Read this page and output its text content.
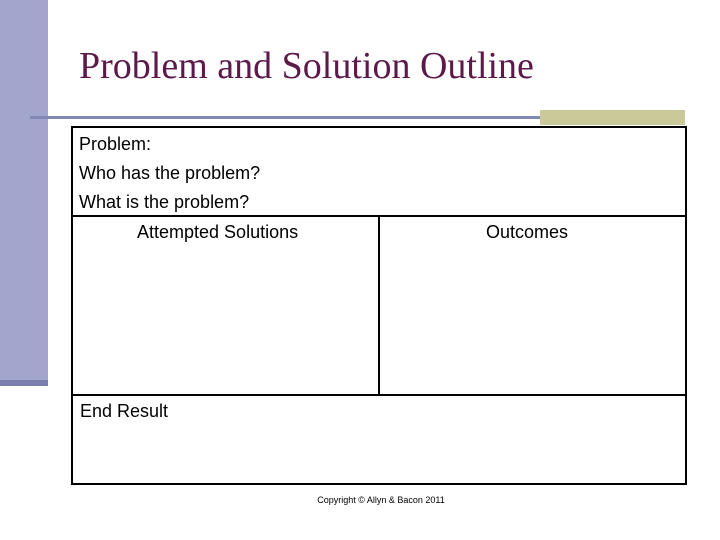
Problem and Solution Outline
Problem:
Who has the problem?
What is the problem?
Attempted Solutions	Outcomes
End Result
Copyright © Allyn & Bacon 2011
